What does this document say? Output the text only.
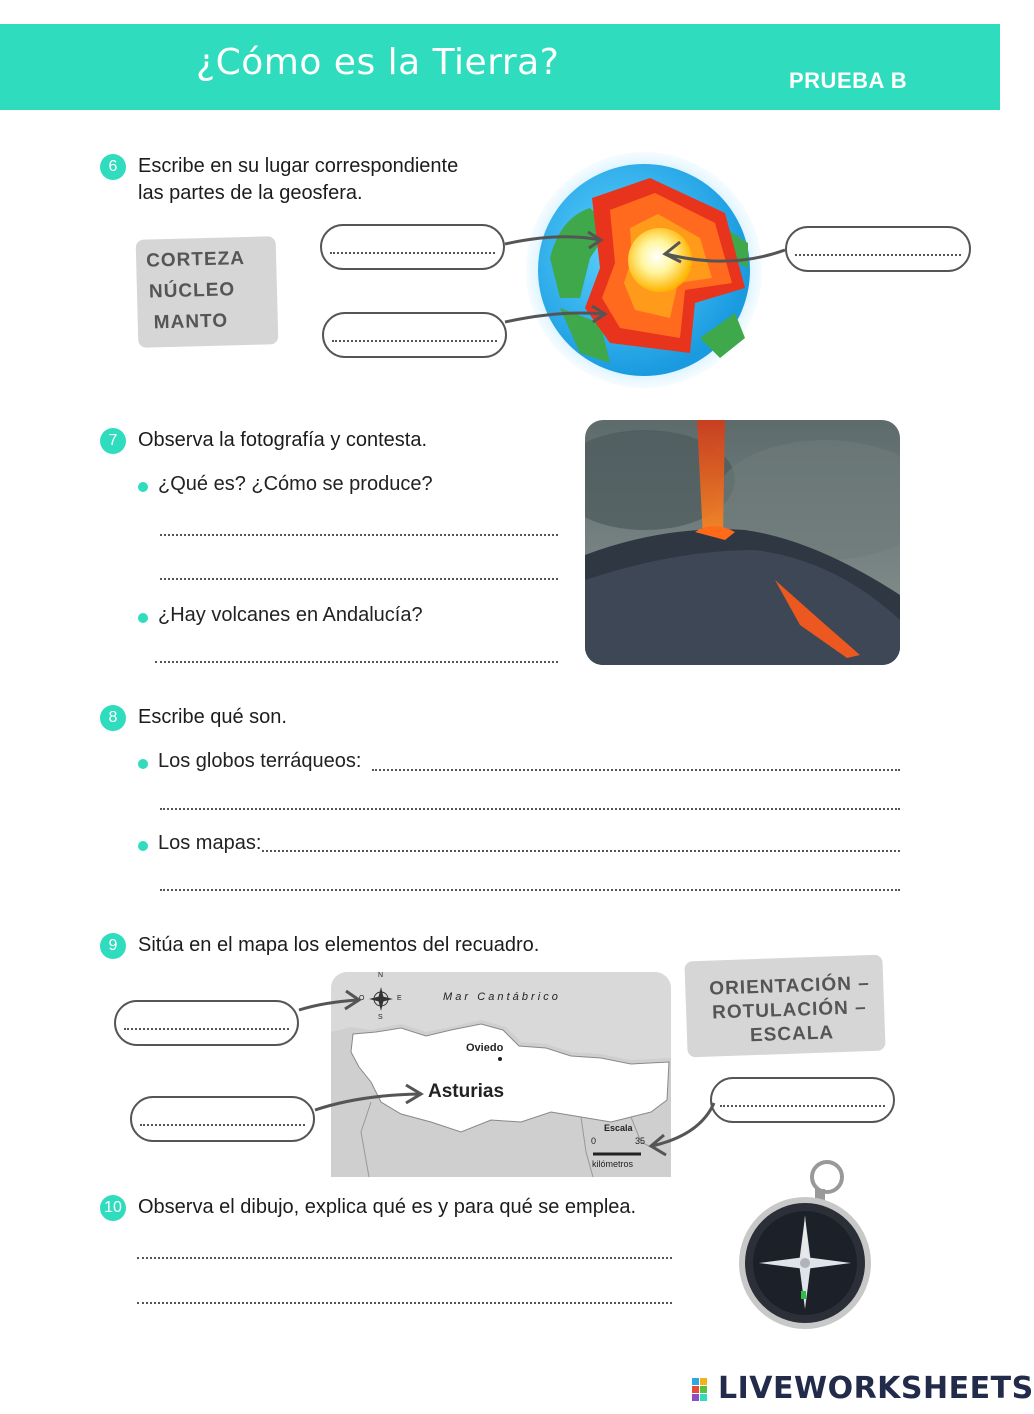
¿Cómo es la Tierra?	PRUEBA B
6	Escribe en su lugar correspondiente
las partes de la geosfera.
CORTEZA
NÚCLEO
MANTO
7	Observa la fotografía y contesta.
¿Qué es? ¿Cómo se produce?
¿Hay volcanes en Andalucía?
8	Escribe qué son.
Los globos terráqueos:
Los mapas:
9	Sitúa en el mapa los elementos del recuadro.
ORIENTACIÓN –
ROTULACIÓN –
ESCALA
N
S
E
O	M a r   C a n t á b r i c o
Oviedo
Asturias
Escala
0	35
kilómetros
10 Observa el dibujo, explica qué es y para qué se emplea.
LIVEWORKSHEETS
